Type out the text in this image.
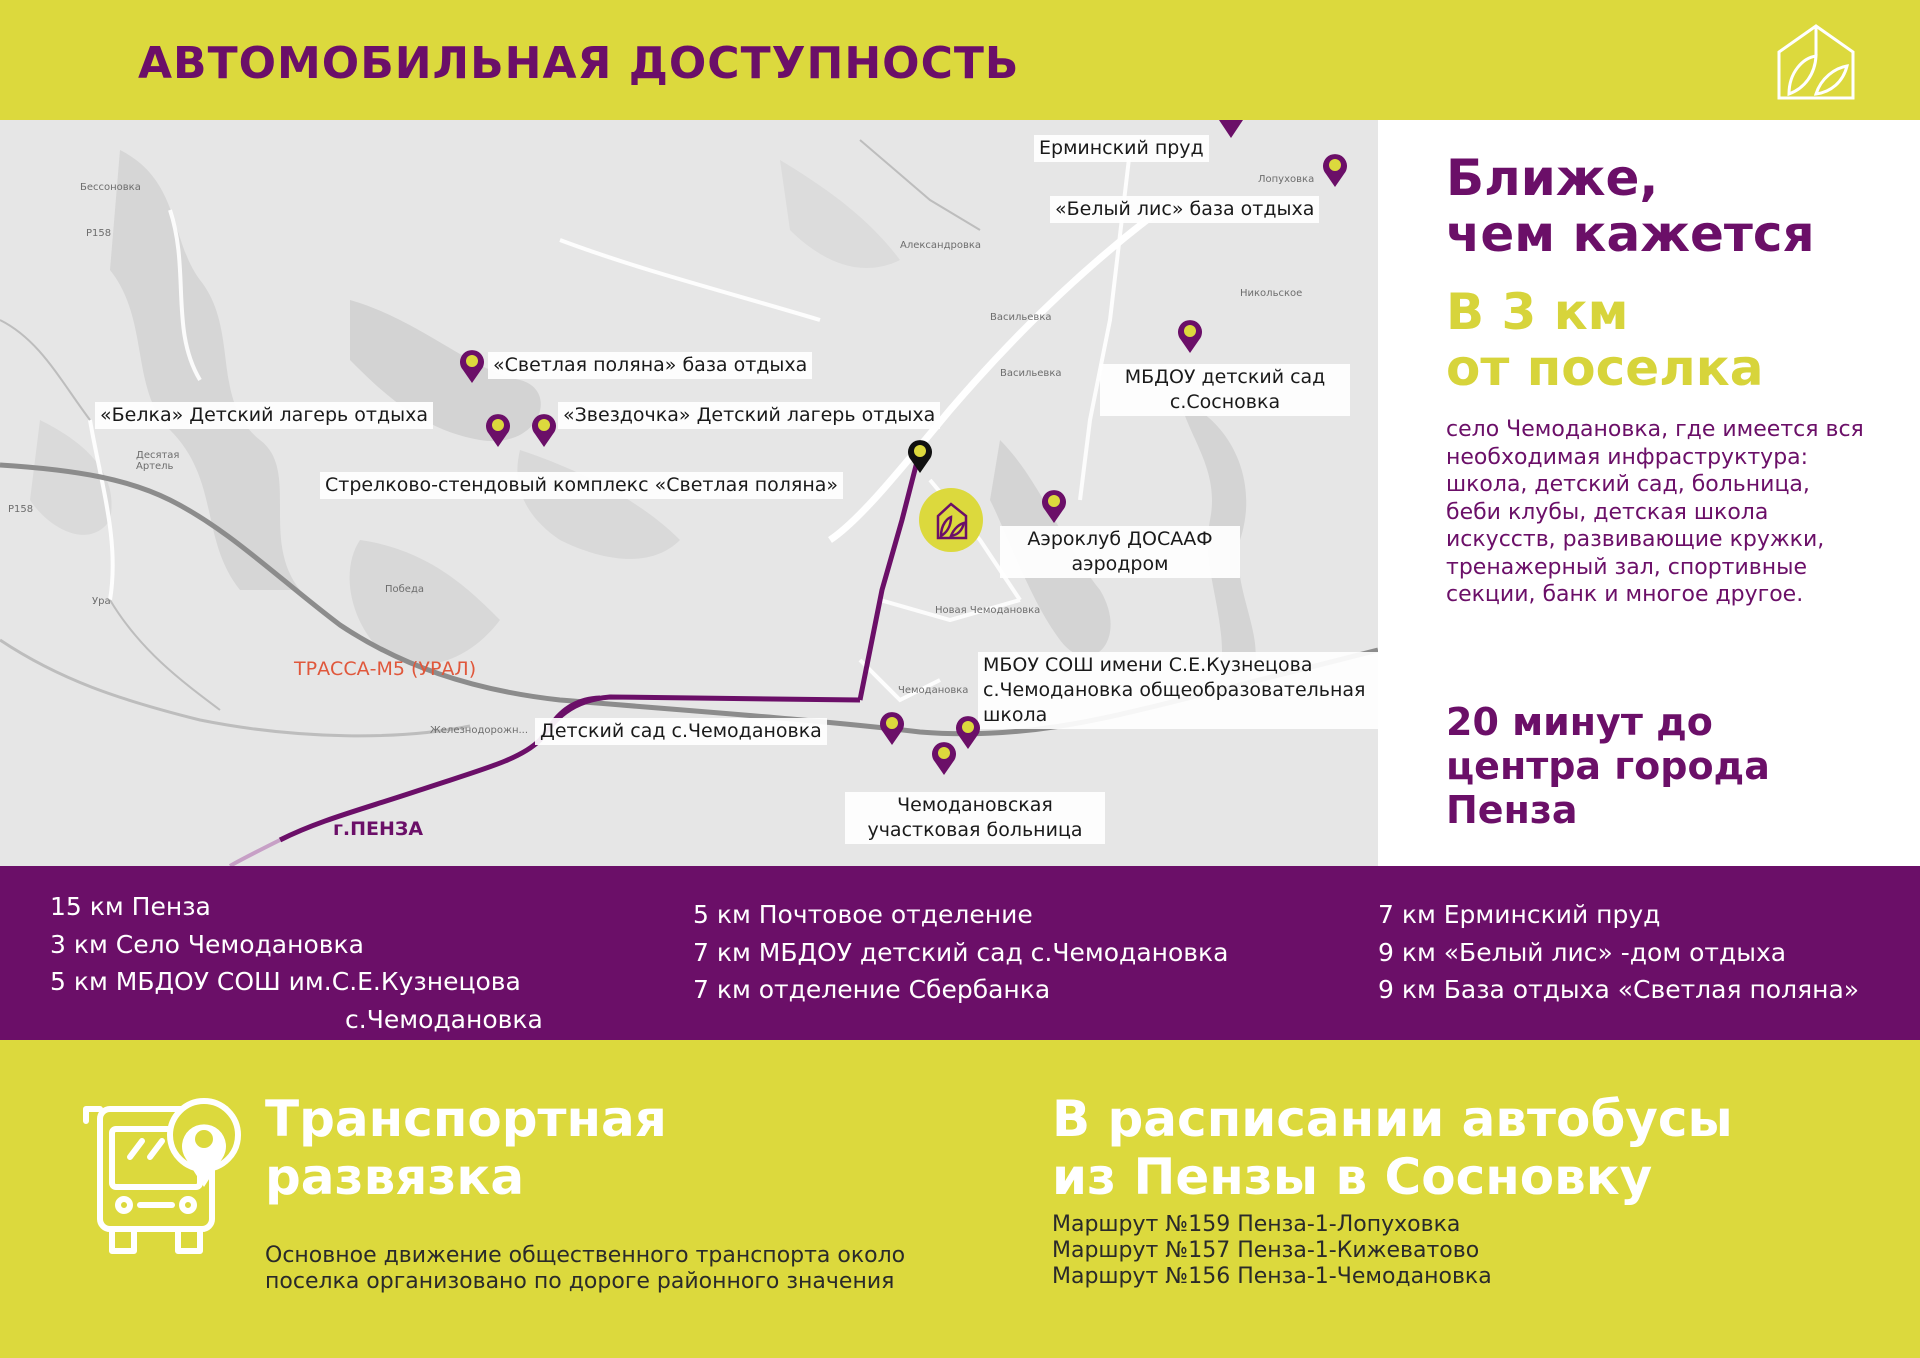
АВТОМОБИЛЬНАЯ ДОСТУПНОСТЬ
Бессоновка
Р158
Р158
Ура
Александровка
Никольское
Лопуховка
Васильевка
Васильевка
Десятая Артель
Победа
Новая Чемодановка
Чемодановка
Железнодорожн...
ТРАССА-М5 (УРАЛ)
г.ПЕНЗА
Ерминский пруд
«Белый лис» база отдыха
МБДОУ детский сад с.Сосновка
«Светлая поляна» база отдыха
«Белка» Детский лагерь отдыха	«Звездочка» Детский лагерь отдыха
Стрелково-стендовый комплекс «Светлая поляна»
Аэроклуб ДОСААФ аэродром
МБОУ СОШ имени С.Е.Кузнецова с.Чемодановка общеобразовательная школа
Детский сад с.Чемодановка
Чемодановская участковая больница
Ближе,
чем кажется
В 3 км
от поселка
село Чемодановка, где имеется вся необходимая инфраструктура: школа, детский сад, больница, беби клубы, детская школа искусств, развивающие кружки, тренажерный зал, спортивные секции, банк и многое другое.
20 минут до
центра города
Пенза
15 км Пенза
3 км Село Чемодановка
5 км МБДОУ СОШ им.С.Е.Кузнецова
с.Чемодановка
5 км Почтовое отделение
7 км МБДОУ детский сад с.Чемодановка
7 км отделение Сбербанка
7 км Ерминский пруд
9 км «Белый лис» -дом отдыха
9 км База отдыха «Светлая поляна»
Транспортная
развязка
Основное движение общественного транспорта около
поселка организовано по дороге районного значения
В расписании автобусы
из Пензы в Сосновку
Маршрут №159 Пенза-1-Лопуховка
Маршрут №157 Пенза-1-Кижеватово
Маршрут №156 Пенза-1-Чемодановка
